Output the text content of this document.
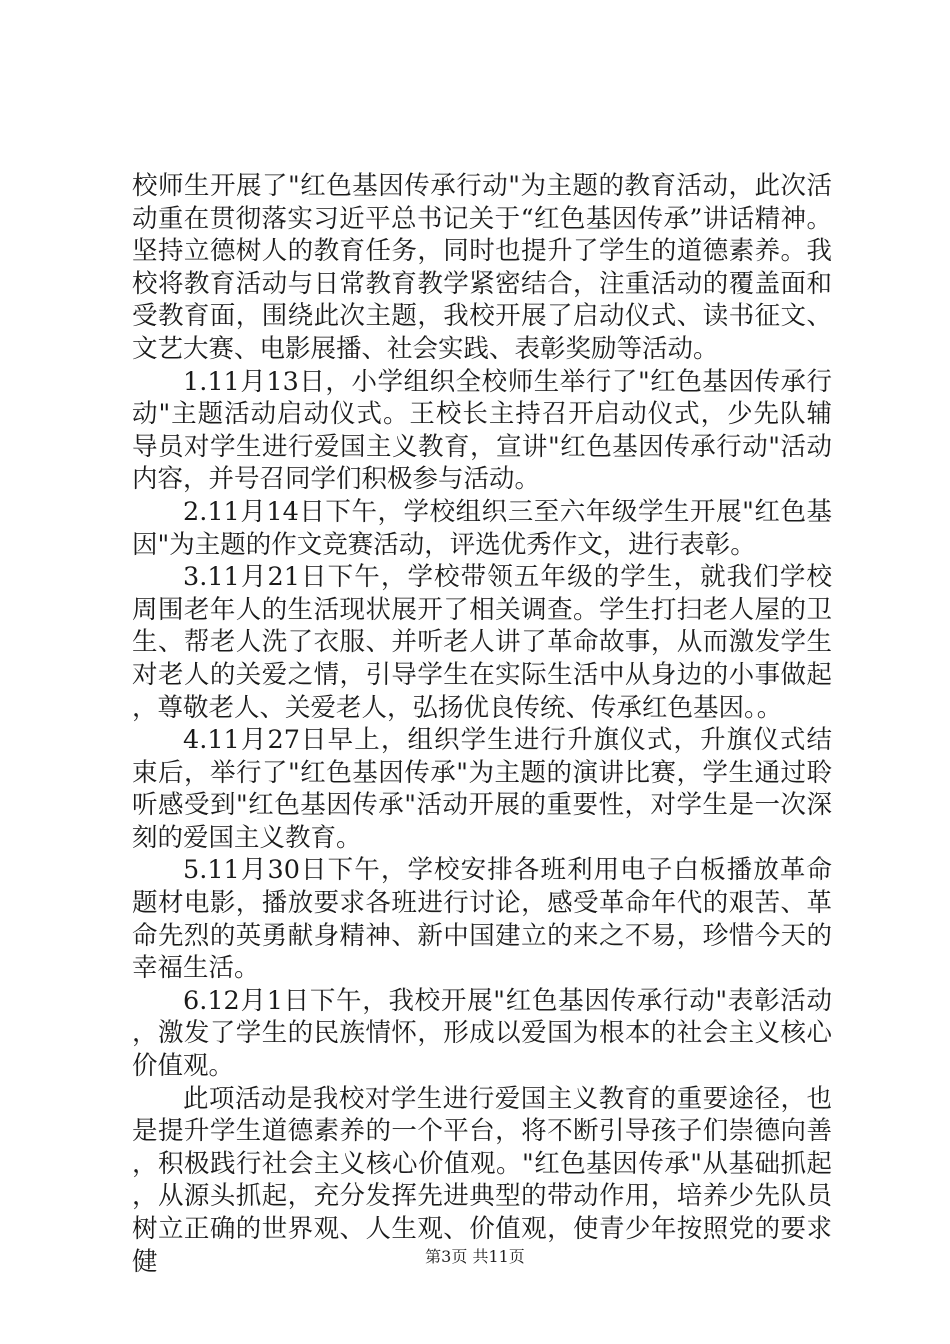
校师生开展了"红色基因传承行动"为主题的教育活动，此次活动重在贯彻落实习近平总书记关于“红色基因传承”讲话精神。坚持立德树人的教育任务，同时也提升了学生的道德素养。我校将教育活动与日常教育教学紧密结合，注重活动的覆盖面和受教育面，围绕此次主题，我校开展了启动仪式、读书征文、文艺大赛、电影展播、社会实践、表彰奖励等活动。

1.11月13日，小学组织全校师生举行了"红色基因传承行动"主题活动启动仪式。王校长主持召开启动仪式，少先队辅导员对学生进行爱国主义教育，宣讲"红色基因传承行动"活动内容，并号召同学们积极参与活动。

2.11月14日下午，学校组织三至六年级学生开展"红色基因"为主题的作文竞赛活动，评选优秀作文，进行表彰。

3.11月21日下午，学校带领五年级的学生，就我们学校周围老年人的生活现状展开了相关调查。学生打扫老人屋的卫生、帮老人洗了衣服、并听老人讲了革命故事，从而激发学生对老人的关爱之情，引导学生在实际生活中从身边的小事做起，尊敬老人、关爱老人，弘扬优良传统、传承红色基因。。

4.11月27日早上，组织学生进行升旗仪式，升旗仪式结束后，举行了"红色基因传承"为主题的演讲比赛，学生通过聆听感受到"红色基因传承"活动开展的重要性，对学生是一次深刻的爱国主义教育。

5.11月30日下午，学校安排各班利用电子白板播放革命题材电影，播放要求各班进行讨论，感受革命年代的艰苦、革命先烈的英勇献身精神、新中国建立的来之不易，珍惜今天的幸福生活。

6.12月1日下午，我校开展"红色基因传承行动"表彰活动，激发了学生的民族情怀，形成以爱国为根本的社会主义核心价值观。

此项活动是我校对学生进行爱国主义教育的重要途径，也是提升学生道德素养的一个平台，将不断引导孩子们崇德向善，积极践行社会主义核心价值观。"红色基因传承"从基础抓起，从源头抓起，充分发挥先进典型的带动作用，培养少先队员树立正确的世界观、人生观、价值观，使青少年按照党的要求健	第3页 共11页
